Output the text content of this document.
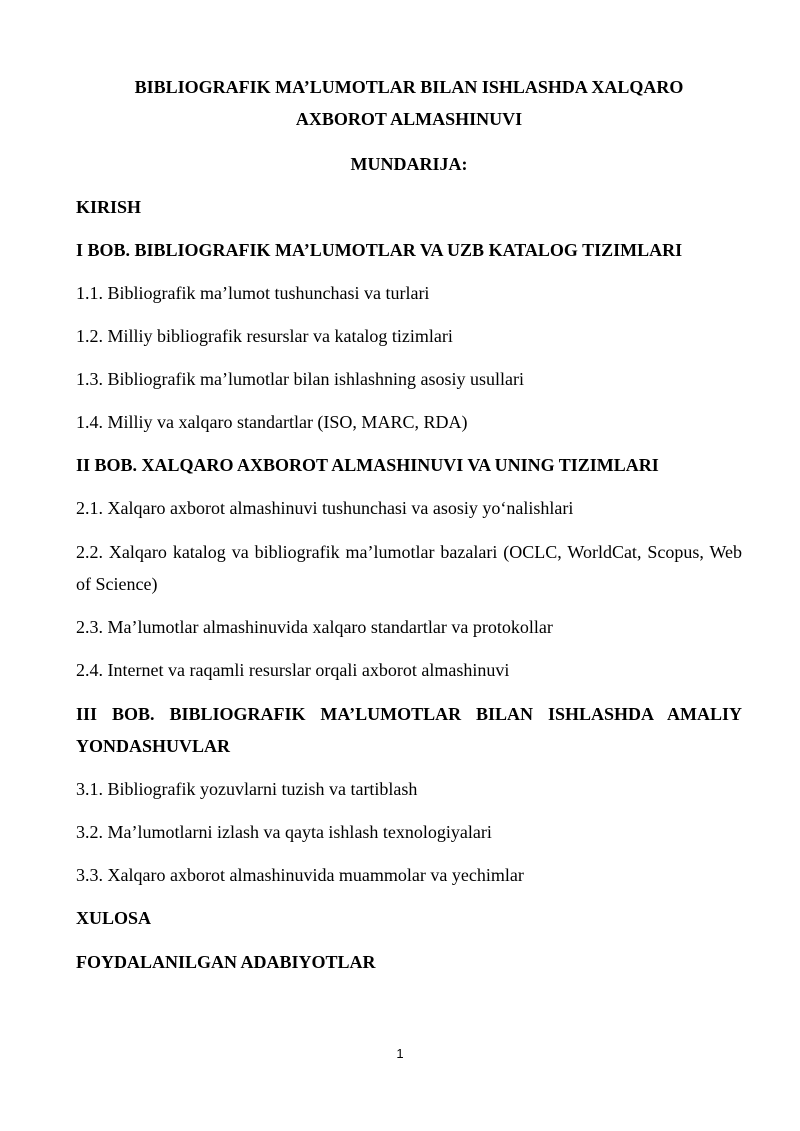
BIBLIOGRAFIK MA’LUMOTLAR BILAN ISHLASHDA XALQARO

AXBOROT ALMASHINUVI

MUNDARIJA:

KIRISH

I BOB. BIBLIOGRAFIK MA’LUMOTLAR VA UZB KATALOG TIZIMLARI

1.1. Bibliografik ma’lumot tushunchasi va turlari

1.2. Milliy bibliografik resurslar va katalog tizimlari

1.3. Bibliografik ma’lumotlar bilan ishlashning asosiy usullari

1.4. Milliy va xalqaro standartlar (ISO, MARC, RDA)

II BOB. XALQARO AXBOROT ALMASHINUVI VA UNING TIZIMLARI

2.1. Xalqaro axborot almashinuvi tushunchasi va asosiy yo‘nalishlari

2.2. Xalqaro katalog va bibliografik ma’lumotlar bazalari (OCLC, WorldCat, Scopus, Web of Science)

2.3. Ma’lumotlar almashinuvida xalqaro standartlar va protokollar

2.4. Internet va raqamli resurslar orqali axborot almashinuvi

III BOB. BIBLIOGRAFIK MA’LUMOTLAR BILAN ISHLASHDA AMALIY YONDASHUVLAR

3.1. Bibliografik yozuvlarni tuzish va tartiblash

3.2. Ma’lumotlarni izlash va qayta ishlash texnologiyalari

3.3. Xalqaro axborot almashinuvida muammolar va yechimlar

XULOSA

FOYDALANILGAN ADABIYOTLAR

1
